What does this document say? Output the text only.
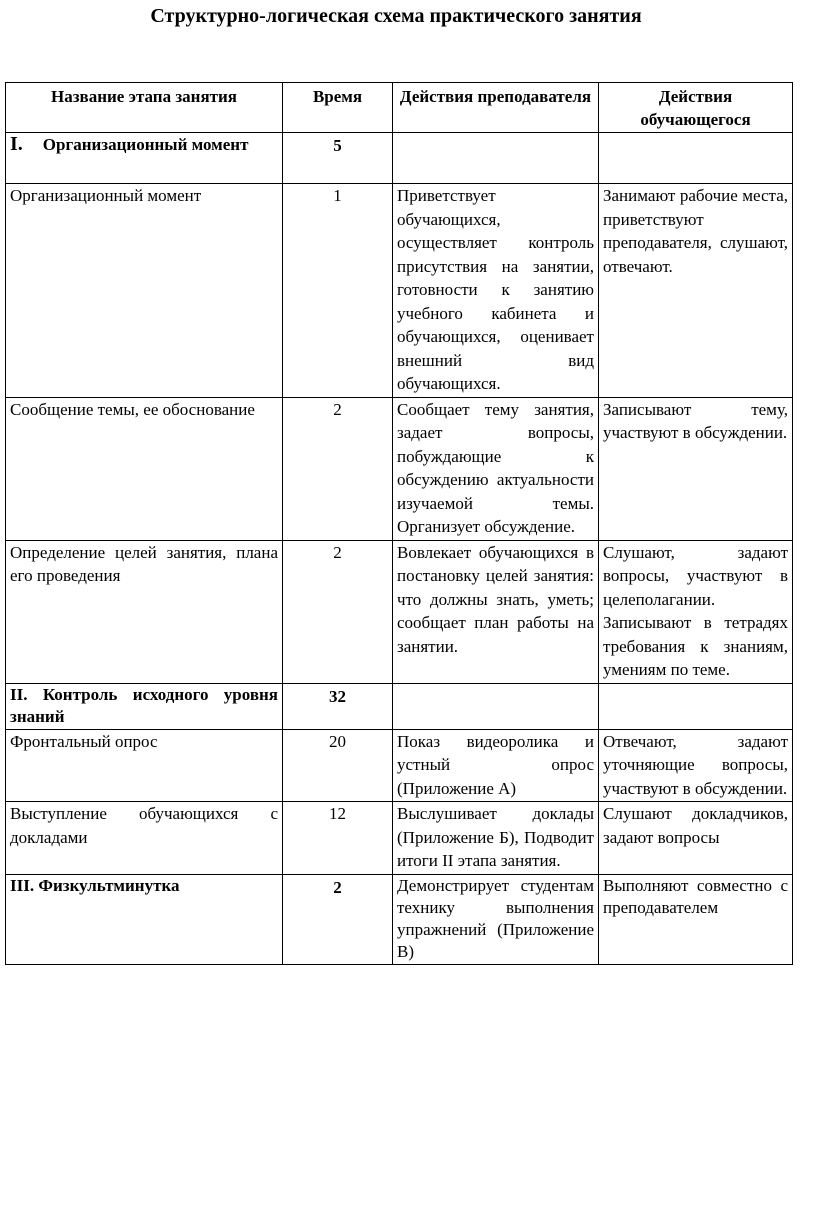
Структурно-логическая схема практического занятия
Название этапа занятия	Время	Действия преподавателя	Действия обучающегося
I. Организационный момент	5		
Организационный момент	1	Приветствует обучающихся, осуществляет контроль присутствия на занятии, готовности к занятию учебного кабинета и обучающихся, оценивает внешний вид обучающихся.	Занимают рабочие места, приветствуют преподавателя, слушают, отвечают.
Сообщение темы, ее обоснование	2	Сообщает тему занятия, задает вопросы, побуждающие к обсуждению актуальности изучаемой темы. Организует обсуждение.	Записывают тему, участвуют в обсуждении.
Определение целей занятия, плана его проведения	2	Вовлекает обучающихся в постановку целей занятия: что должны знать, уметь; сообщает план работы на занятии.	Слушают, задают вопросы, участвуют в целеполагании. Записывают в тетрадях требования к знаниям, умениям по теме.
II. Контроль исходного уровня знаний	32		
Фронтальный опрос	20	Показ видеоролика и устный опрос (Приложение А)	Отвечают, задают уточняющие вопросы, участвуют в обсуждении.
Выступление обучающихся с докладами	12	Выслушивает доклады (Приложение Б), Подводит итоги II этапа занятия.	Слушают докладчиков, задают вопросы
III. Физкультминутка	2	Демонстрирует студентам технику выполнения упражнений (Приложение В)	Выполняют совместно с преподавателем
